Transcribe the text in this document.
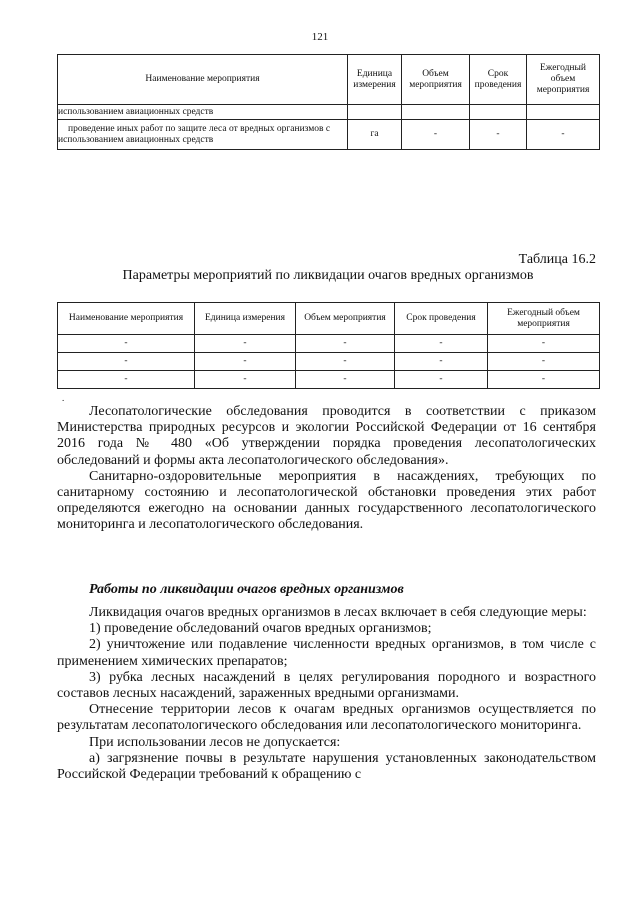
121
Наименование мероприятия	Единица измерения	Объем мероприятия	Срок проведения	Ежегодный объем мероприятия
использованием авиационных средств				
проведение иных работ по защите леса от вредных организмов с использованием авиационных средств	га	-	-	-
Таблица 16.2
Параметры мероприятий по ликвидации очагов вредных организмов
Наименование мероприятия	Единица измерения	Объем мероприятия	Срок проведения	Ежегодный объем мероприятия
-	-	-	-	-
-	-	-	-	-
-	-	-	-	-
.

Лесопатологические обследования проводится в соответствии с приказом Министерства природных ресурсов и экологии Российской Федерации от 16 сентября 2016 года № 480 «Об утверждении порядка проведения лесопатологических обследований и формы акта лесопатологического обследования».

Санитарно-оздоровительные мероприятия в насаждениях, требующих по санитарному состоянию и лесопатологической обстановки проведения этих работ определяются ежегодно на основании данных государственного лесопатологического мониторинга и лесопатологического обследования.

Работы по ликвидации очагов вредных организмов

Ликвидация очагов вредных организмов в лесах включает в себя следующие меры:

1) проведение обследований очагов вредных организмов;

2) уничтожение или подавление численности вредных организмов, в том числе с применением химических препаратов;

3) рубка лесных насаждений в целях регулирования породного и возрастного составов лесных насаждений, зараженных вредными организмами.

Отнесение территории лесов к очагам вредных организмов осуществляется по результатам лесопатологического обследования или лесопатологического мониторинга.

При использовании лесов не допускается:

а) загрязнение почвы в результате нарушения установленных законодательством Российской Федерации требований к обращению с
